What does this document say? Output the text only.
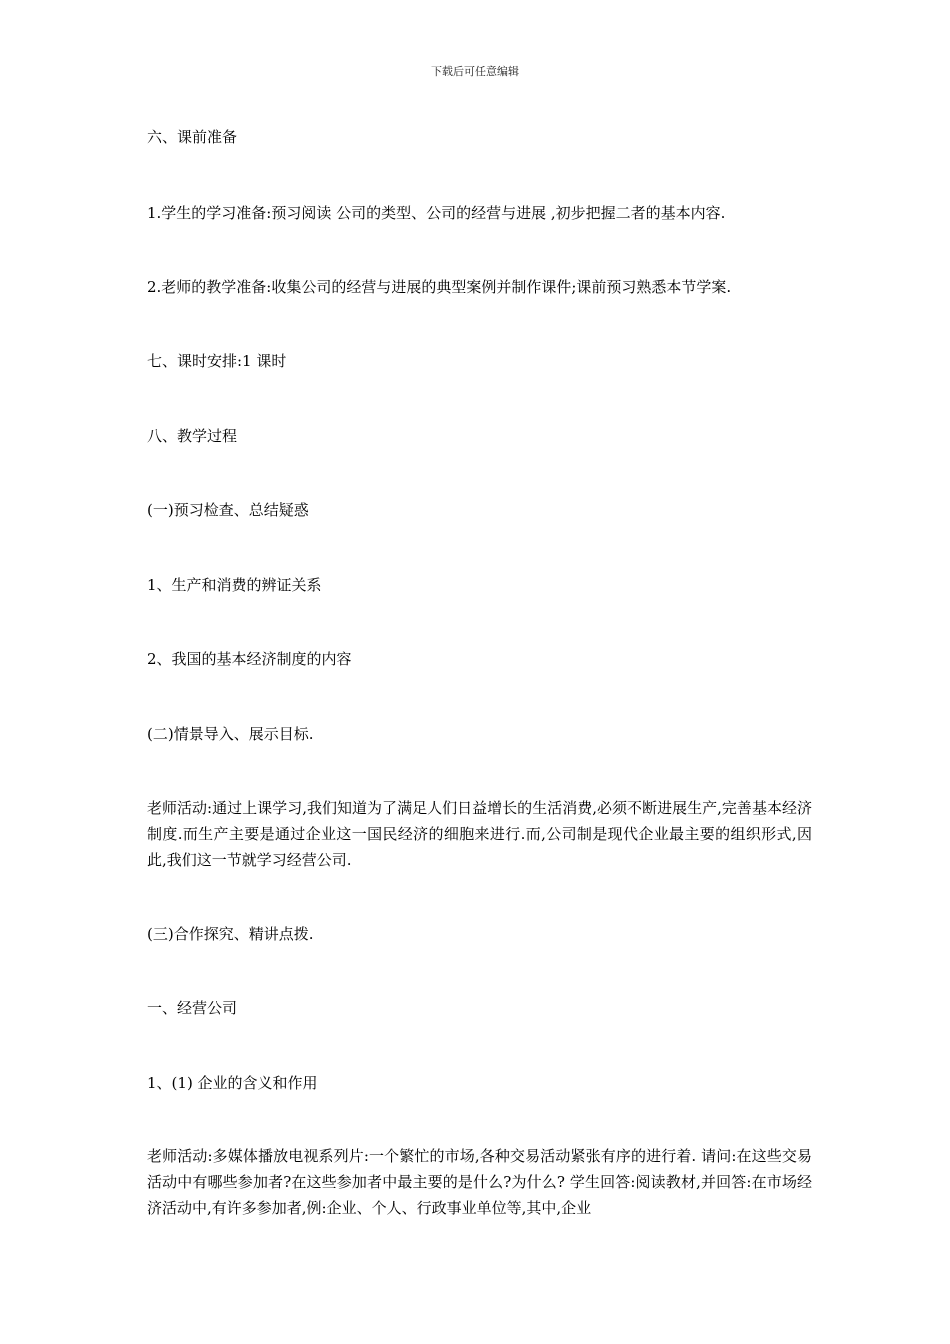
下载后可任意编辑
六、课前准备
1.学生的学习准备:预习阅读 公司的类型、公司的经营与进展 ,初步把握二者的基本内容.
2.老师的教学准备:收集公司的经营与进展的典型案例并制作课件;课前预习熟悉本节学案.
七、课时安排:1 课时
八、教学过程
(一)预习检查、总结疑惑
1、生产和消费的辨证关系
2、我国的基本经济制度的内容
(二)情景导入、展示目标.
老师活动:通过上课学习,我们知道为了满足人们日益增长的生活消费,必须不断进展生产,完善基本经济制度.而生产主要是通过企业这一国民经济的细胞来进行.而,公司制是现代企业最主要的组织形式,因此,我们这一节就学习经营公司.
(三)合作探究、精讲点拨.
一、经营公司
1、(1) 企业的含义和作用
老师活动:多媒体播放电视系列片:一个繁忙的市场,各种交易活动紧张有序的进行着. 请问:在这些交易活动中有哪些参加者?在这些参加者中最主要的是什么?为什么? 学生回答:阅读教材,并回答:在市场经济活动中,有许多参加者,例:企业、个人、行政事业单位等,其中,企业
